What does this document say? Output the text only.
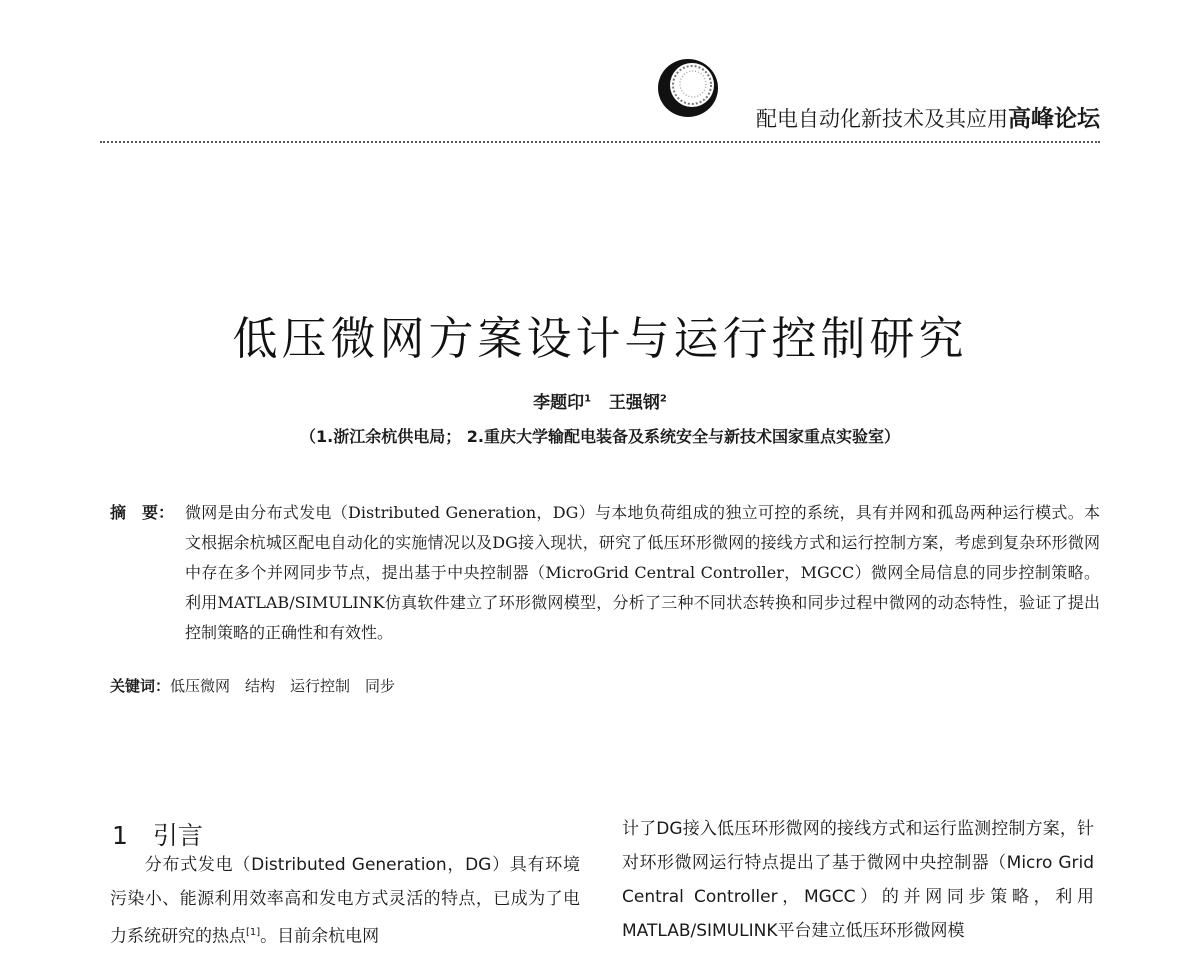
配电自动化新技术及其应用高峰论坛
低压微网方案设计与运行控制研究
李题印$^1$ 王强钢$^2$
（1.浙江余杭供电局； 2.重庆大学输配电装备及系统安全与新技术国家重点实验室）
摘　要： 微网是由分布式发电（Distributed Generation，DG）与本地负荷组成的独立可控的系统，具有并网和孤岛两种运行模式。本文根据余杭城区配电自动化的实施情况以及DG接入现状，研究了低压环形微网的接线方式和运行控制方案，考虑到复杂环形微网中存在多个并网同步节点，提出基于中央控制器（MicroGrid Central Controller，MGCC）微网全局信息的同步控制策略。利用MATLAB/SIMULINK仿真软件建立了环形微网模型，分析了三种不同状态转换和同步过程中微网的动态特性，验证了提出控制策略的正确性和有效性。
关键词：低压微网　结构　运行控制　同步
1　引言
  分布式发电（Distributed Generation，DG）具有环境污染小、能源利用效率高和发电方式灵活的特点，已成为了电力系统研究的热点[1]。目前余杭电网
计了DG接入低压环形微网的接线方式和运行监测控制方案，针对环形微网运行特点提出了基于微网中央控制器（Micro Grid Central Controller，MGCC）的并网同步策略，利用MATLAB/SIMULINK平台建立低压环形微网模
